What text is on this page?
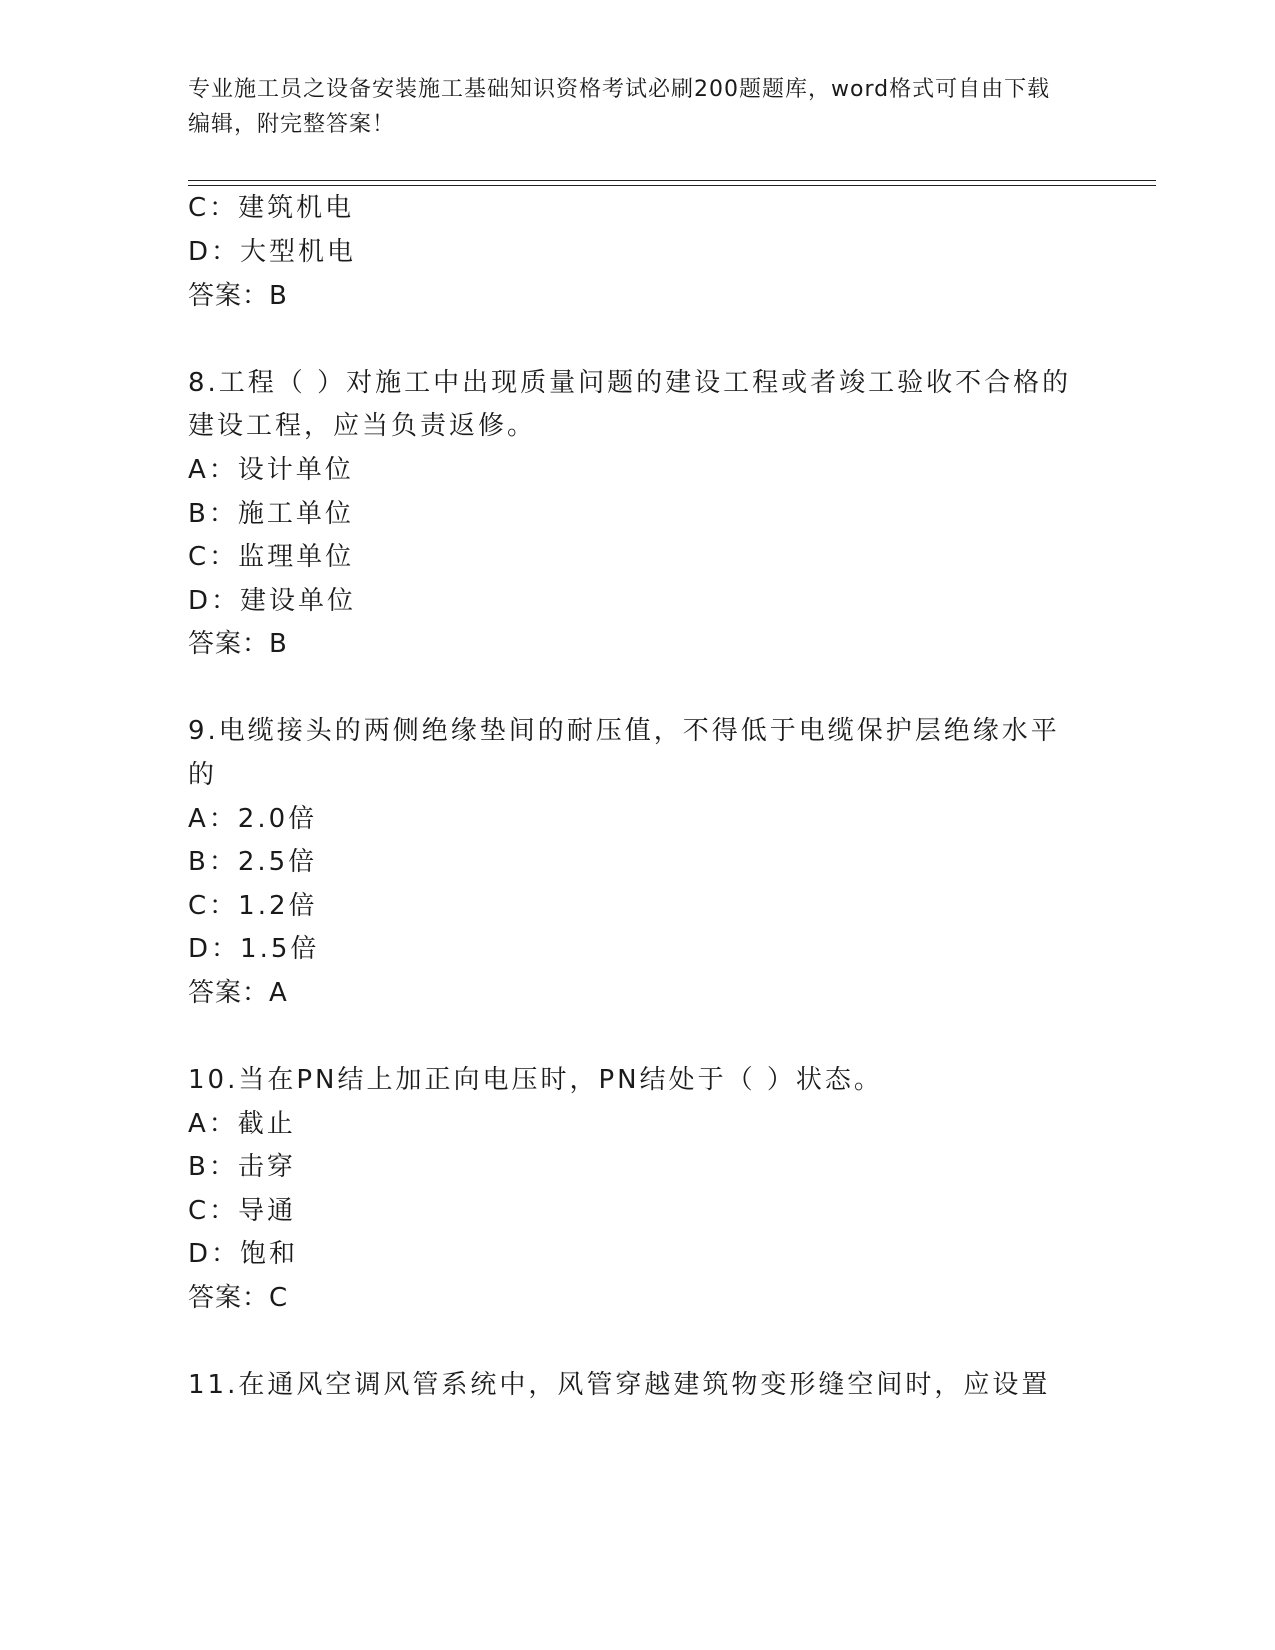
专业施工员之设备安装施工基础知识资格考试必刷200题题库，word格式可自由下载编辑，附完整答案！
C：建筑机电
D：大型机电
答案：B
8.工程（ ）对施工中出现质量问题的建设工程或者竣工验收不合格的
建设工程，应当负责返修。
A：设计单位
B：施工单位
C：监理单位
D：建设单位
答案：B
9.电缆接头的两侧绝缘垫间的耐压值，不得低于电缆保护层绝缘水平
的
A：2.0倍
B：2.5倍
C：1.2倍
D：1.5倍
答案：A
10.当在PN结上加正向电压时，PN结处于（ ）状态。
A：截止
B：击穿
C：导通
D：饱和
答案：C
11.在通风空调风管系统中，风管穿越建筑物变形缝空间时，应设置
